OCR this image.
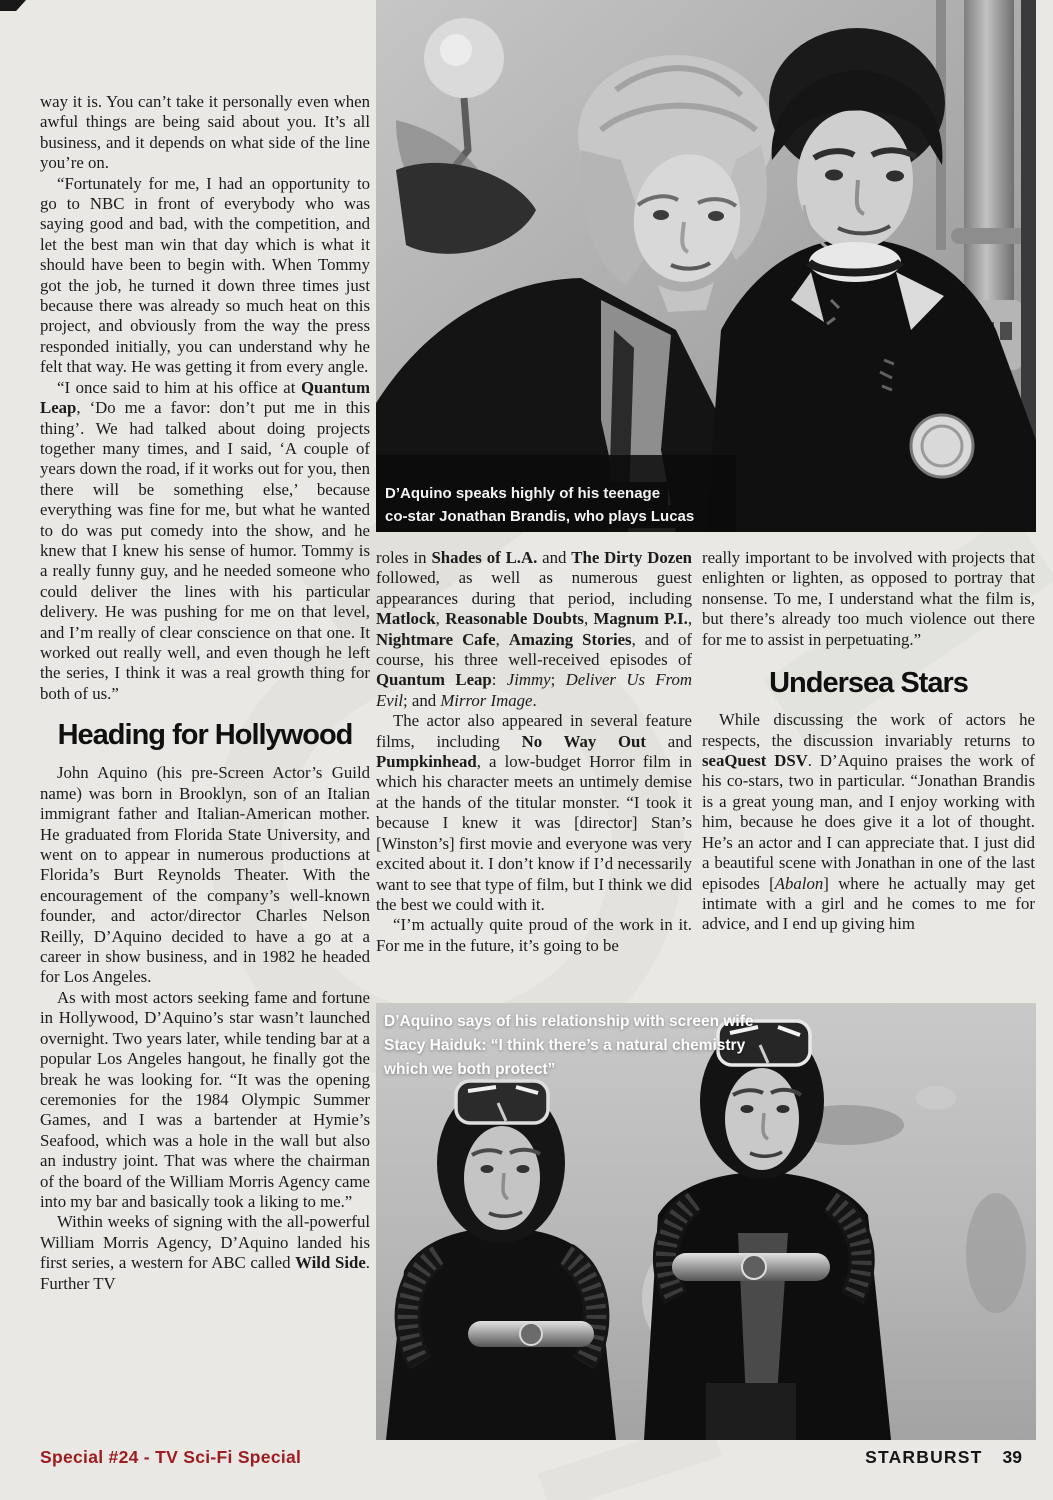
way it is. You can’t take it personally even when awful things are being said about you. It’s all business, and it depends on what side of the line you’re on.

“Fortunately for me, I had an opportunity to go to NBC in front of everybody who was saying good and bad, with the competition, and let the best man win that day which is what it should have been to begin with. When Tommy got the job, he turned it down three times just because there was already so much heat on this project, and obviously from the way the press responded initially, you can understand why he felt that way. He was getting it from every angle.

“I once said to him at his office at Quantum Leap, ‘Do me a favor: don’t put me in this thing’. We had talked about doing projects together many times, and I said, ‘A couple of years down the road, if it works out for you, then there will be something else,’ because everything was fine for me, but what he wanted to do was put comedy into the show, and he knew that I knew his sense of humor. Tommy is a really funny guy, and he needed someone who could deliver the lines with his particular delivery. He was pushing for me on that level, and I’m really of clear conscience on that one. It worked out really well, and even though he left the series, I think it was a real growth thing for both of us.”

Heading for Hollywood

John Aquino (his pre-Screen Actor’s Guild name) was born in Brooklyn, son of an Italian immigrant father and Italian-American mother. He graduated from Florida State University, and went on to appear in numerous productions at Florida’s Burt Reynolds Theater. With the encouragement of the company’s well-known founder, and actor/director Charles Nelson Reilly, D’Aquino decided to have a go at a career in show business, and in 1982 he headed for Los Angeles.

As with most actors seeking fame and fortune in Hollywood, D’Aquino’s star wasn’t launched overnight. Two years later, while tending bar at a popular Los Angeles hangout, he finally got the break he was looking for. “It was the opening ceremonies for the 1984 Olympic Summer Games, and I was a bartender at Hymie’s Seafood, which was a hole in the wall but also an industry joint. That was where the chairman of the board of the William Morris Agency came into my bar and basically took a liking to me.”

Within weeks of signing with the all-powerful William Morris Agency, D’Aquino landed his first series, a western for ABC called Wild Side. Further TV

D’Aquino speaks highly of his teenage
co-star Jonathan Brandis, who plays Lucas

roles in Shades of L.A. and The Dirty Dozen followed, as well as numerous guest appearances during that period, including Matlock, Reasonable Doubts, Magnum P.I., Nightmare Cafe, Amazing Stories, and of course, his three well-received episodes of Quantum Leap: Jimmy; Deliver Us From Evil; and Mirror Image.

The actor also appeared in several feature films, including No Way Out and Pumpkinhead, a low-budget Horror film in which his character meets an untimely demise at the hands of the titular monster. “I took it because I knew it was [director] Stan’s [Winston’s] first movie and everyone was very excited about it. I don’t know if I’d necessarily want to see that type of film, but I think we did the best we could with it.

“I’m actually quite proud of the work in it. For me in the future, it’s going to be

really important to be involved with projects that enlighten or lighten, as opposed to portray that nonsense. To me, I understand what the film is, but there’s already too much violence out there for me to assist in perpetuating.”

Undersea Stars

While discussing the work of actors he respects, the discussion invariably returns to seaQuest DSV. D’Aquino praises the work of his co-stars, two in particular. “Jonathan Brandis is a great young man, and I enjoy working with him, because he does give it a lot of thought. He’s an actor and I can appreciate that. I just did a beautiful scene with Jonathan in one of the last episodes [Abalon] where he actually may get intimate with a girl and he comes to me for advice, and I end up giving him

D’Aquino says of his relationship with screen wife
Stacy Haiduk: “I think there’s a natural chemistry
which we both protect”
Special #24 - TV Sci-Fi Special	STARBURST 39
